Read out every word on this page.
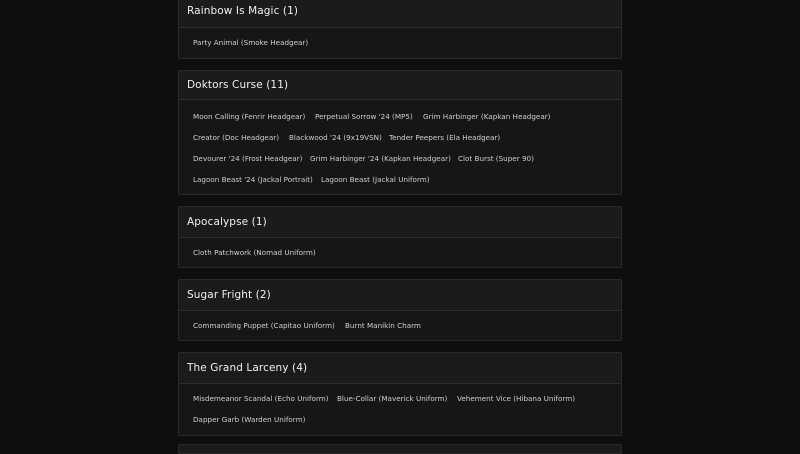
Rainbow Is Magic (1)
Party Animal (Smoke Headgear)
Doktors Curse (11)
Moon Calling (Fenrir Headgear) Perpetual Sorrow '24 (MP5) Grim Harbinger (Kapkan Headgear)
Creator (Doc Headgear) Blackwood '24 (9x19VSN) Tender Peepers (Ela Headgear)
Devourer '24 (Frost Headgear) Grim Harbinger '24 (Kapkan Headgear) Clot Burst (Super 90)
Lagoon Beast '24 (Jackal Portrait) Lagoon Beast (Jackal Uniform)
Apocalypse (1)
Cloth Patchwork (Nomad Uniform)
Sugar Fright (2)
Commanding Puppet (Capitao Uniform) Burnt Manikin Charm
The Grand Larceny (4)
Misdemeanor Scandal (Echo Uniform) Blue-Collar (Maverick Uniform) Vehement Vice (Hibana Uniform)
Dapper Garb (Warden Uniform)
